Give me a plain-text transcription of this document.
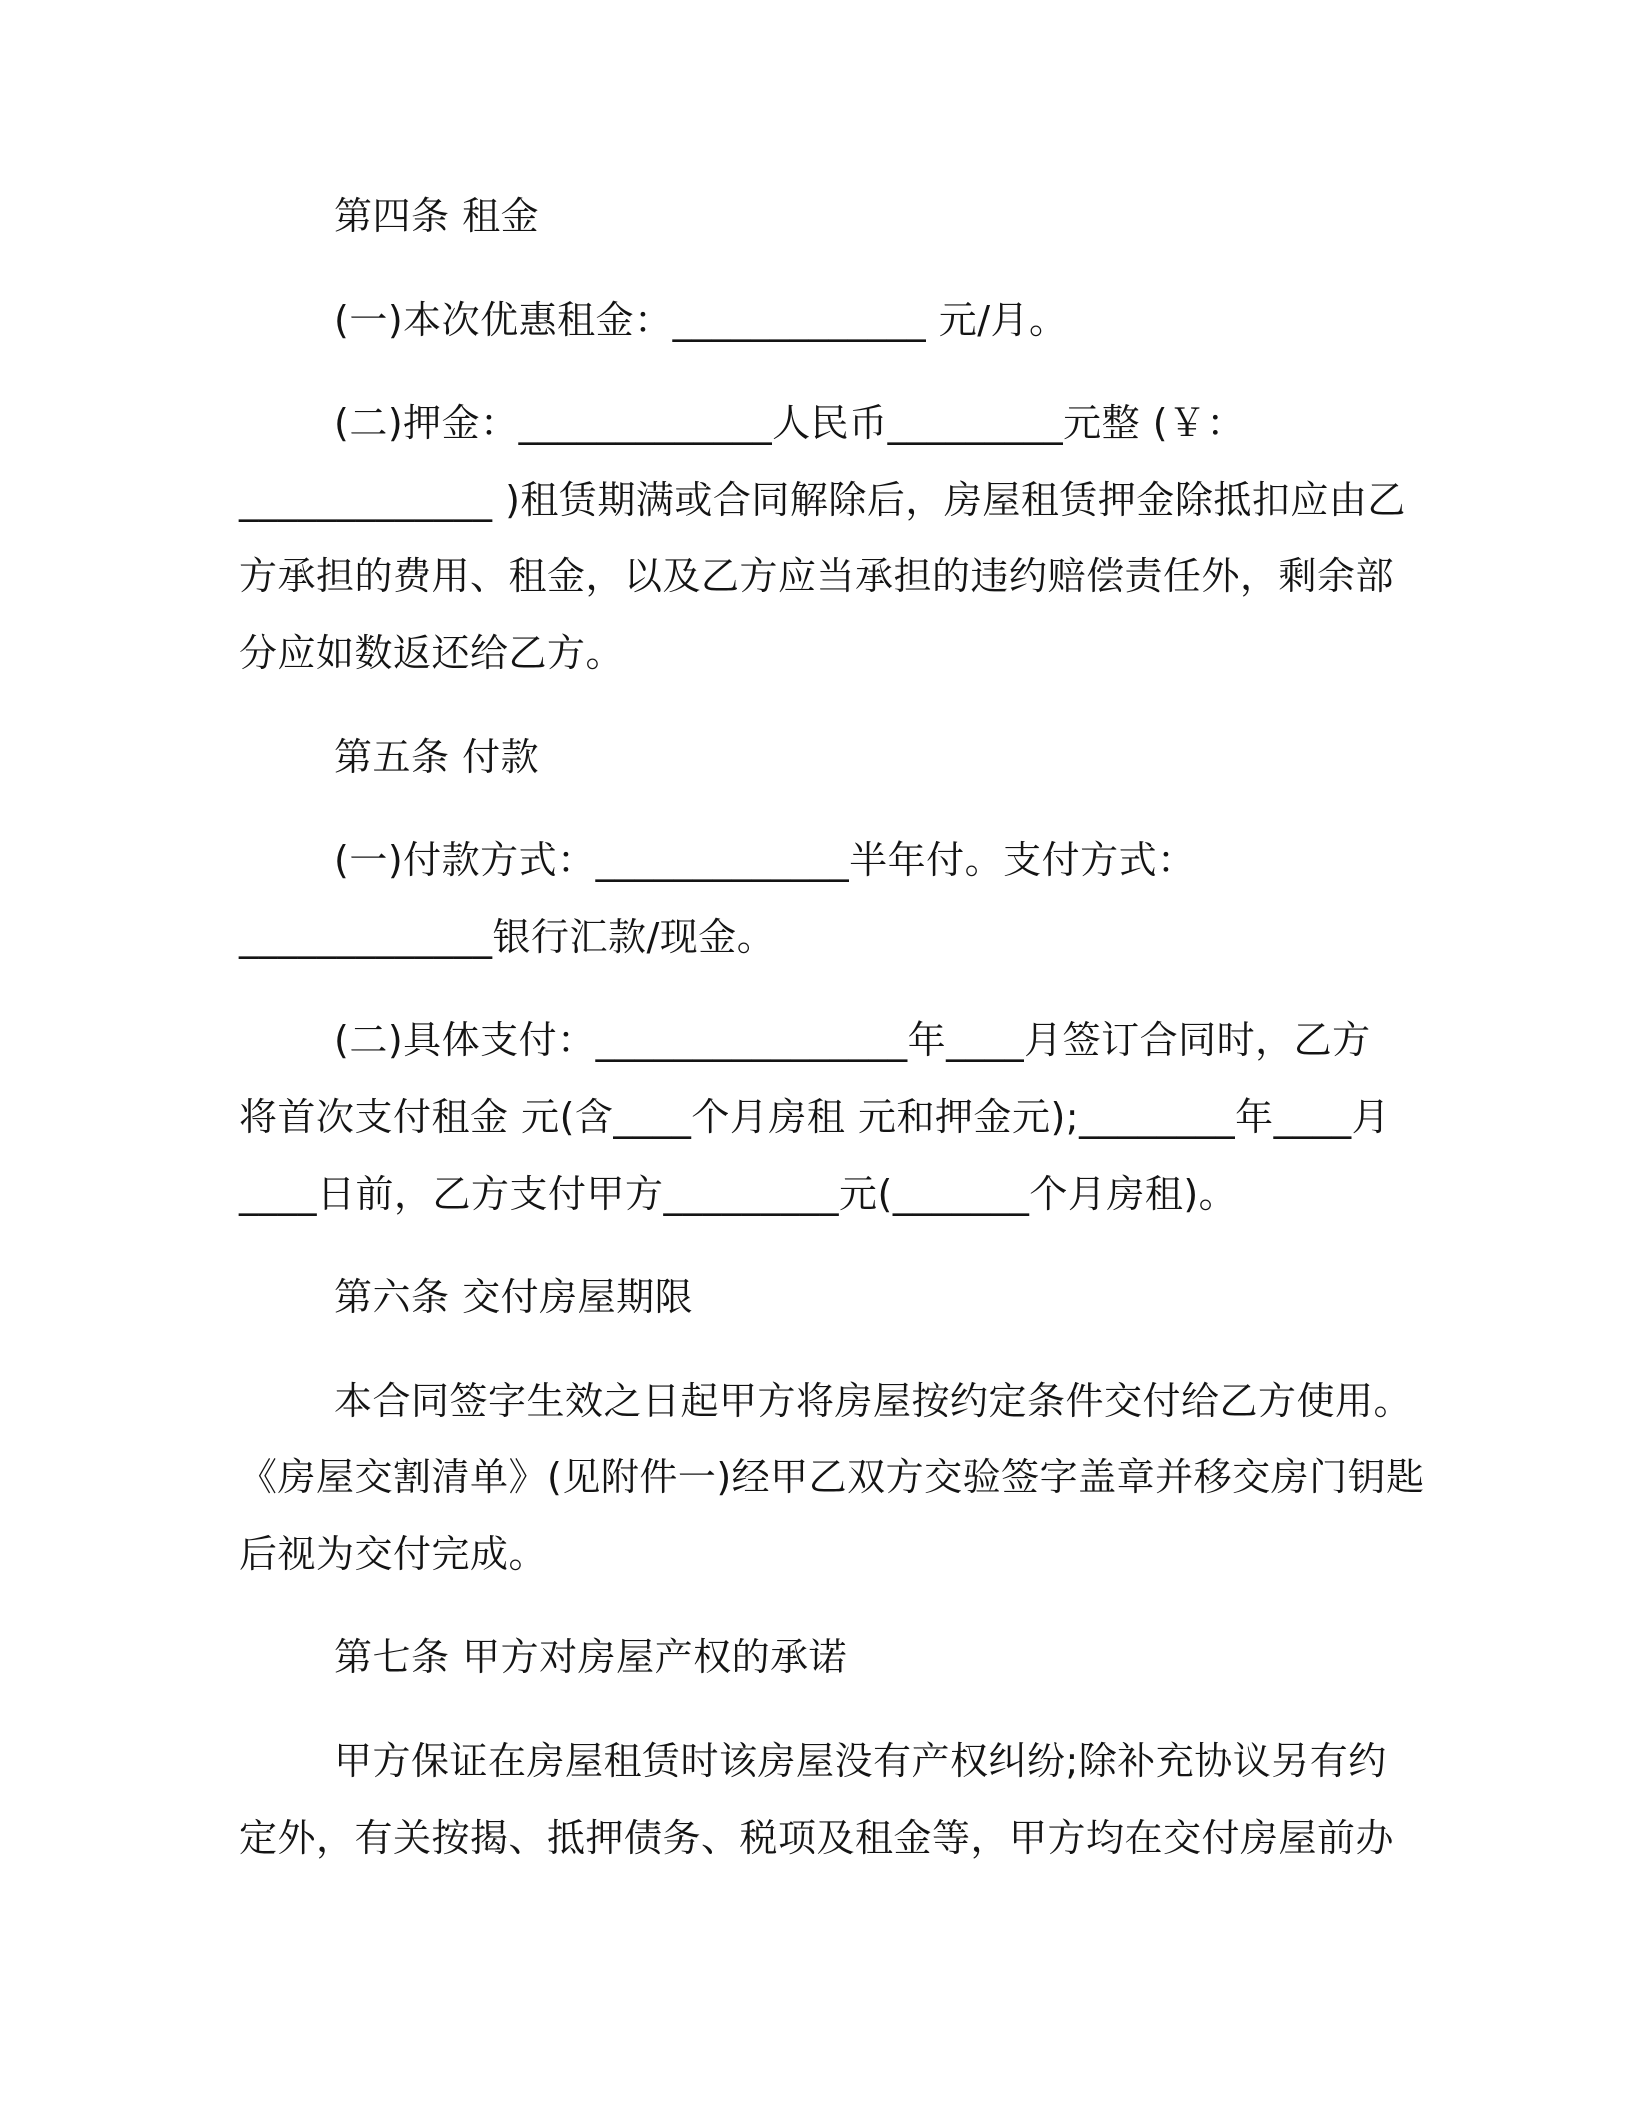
第四条 租金
(一)本次优惠租金：_____________ 元/月。
(二)押金：_____________人民币_________元整 (￥：
_____________ )租赁期满或合同解除后，房屋租赁押金除抵扣应由乙
方承担的费用、租金，以及乙方应当承担的违约赔偿责任外，剩余部
分应如数返还给乙方。
第五条 付款
(一)付款方式：_____________半年付。支付方式：
_____________银行汇款/现金。
(二)具体支付：________________年____月签订合同时，乙方
将首次支付租金 元(含____个月房租 元和押金元);________年____月
____日前，乙方支付甲方_________元(_______个月房租)。
第六条 交付房屋期限
本合同签字生效之日起甲方将房屋按约定条件交付给乙方使用。
《房屋交割清单》(见附件一)经甲乙双方交验签字盖章并移交房门钥匙
后视为交付完成。
第七条 甲方对房屋产权的承诺
甲方保证在房屋租赁时该房屋没有产权纠纷;除补充协议另有约
定外，有关按揭、抵押债务、税项及租金等，甲方均在交付房屋前办
